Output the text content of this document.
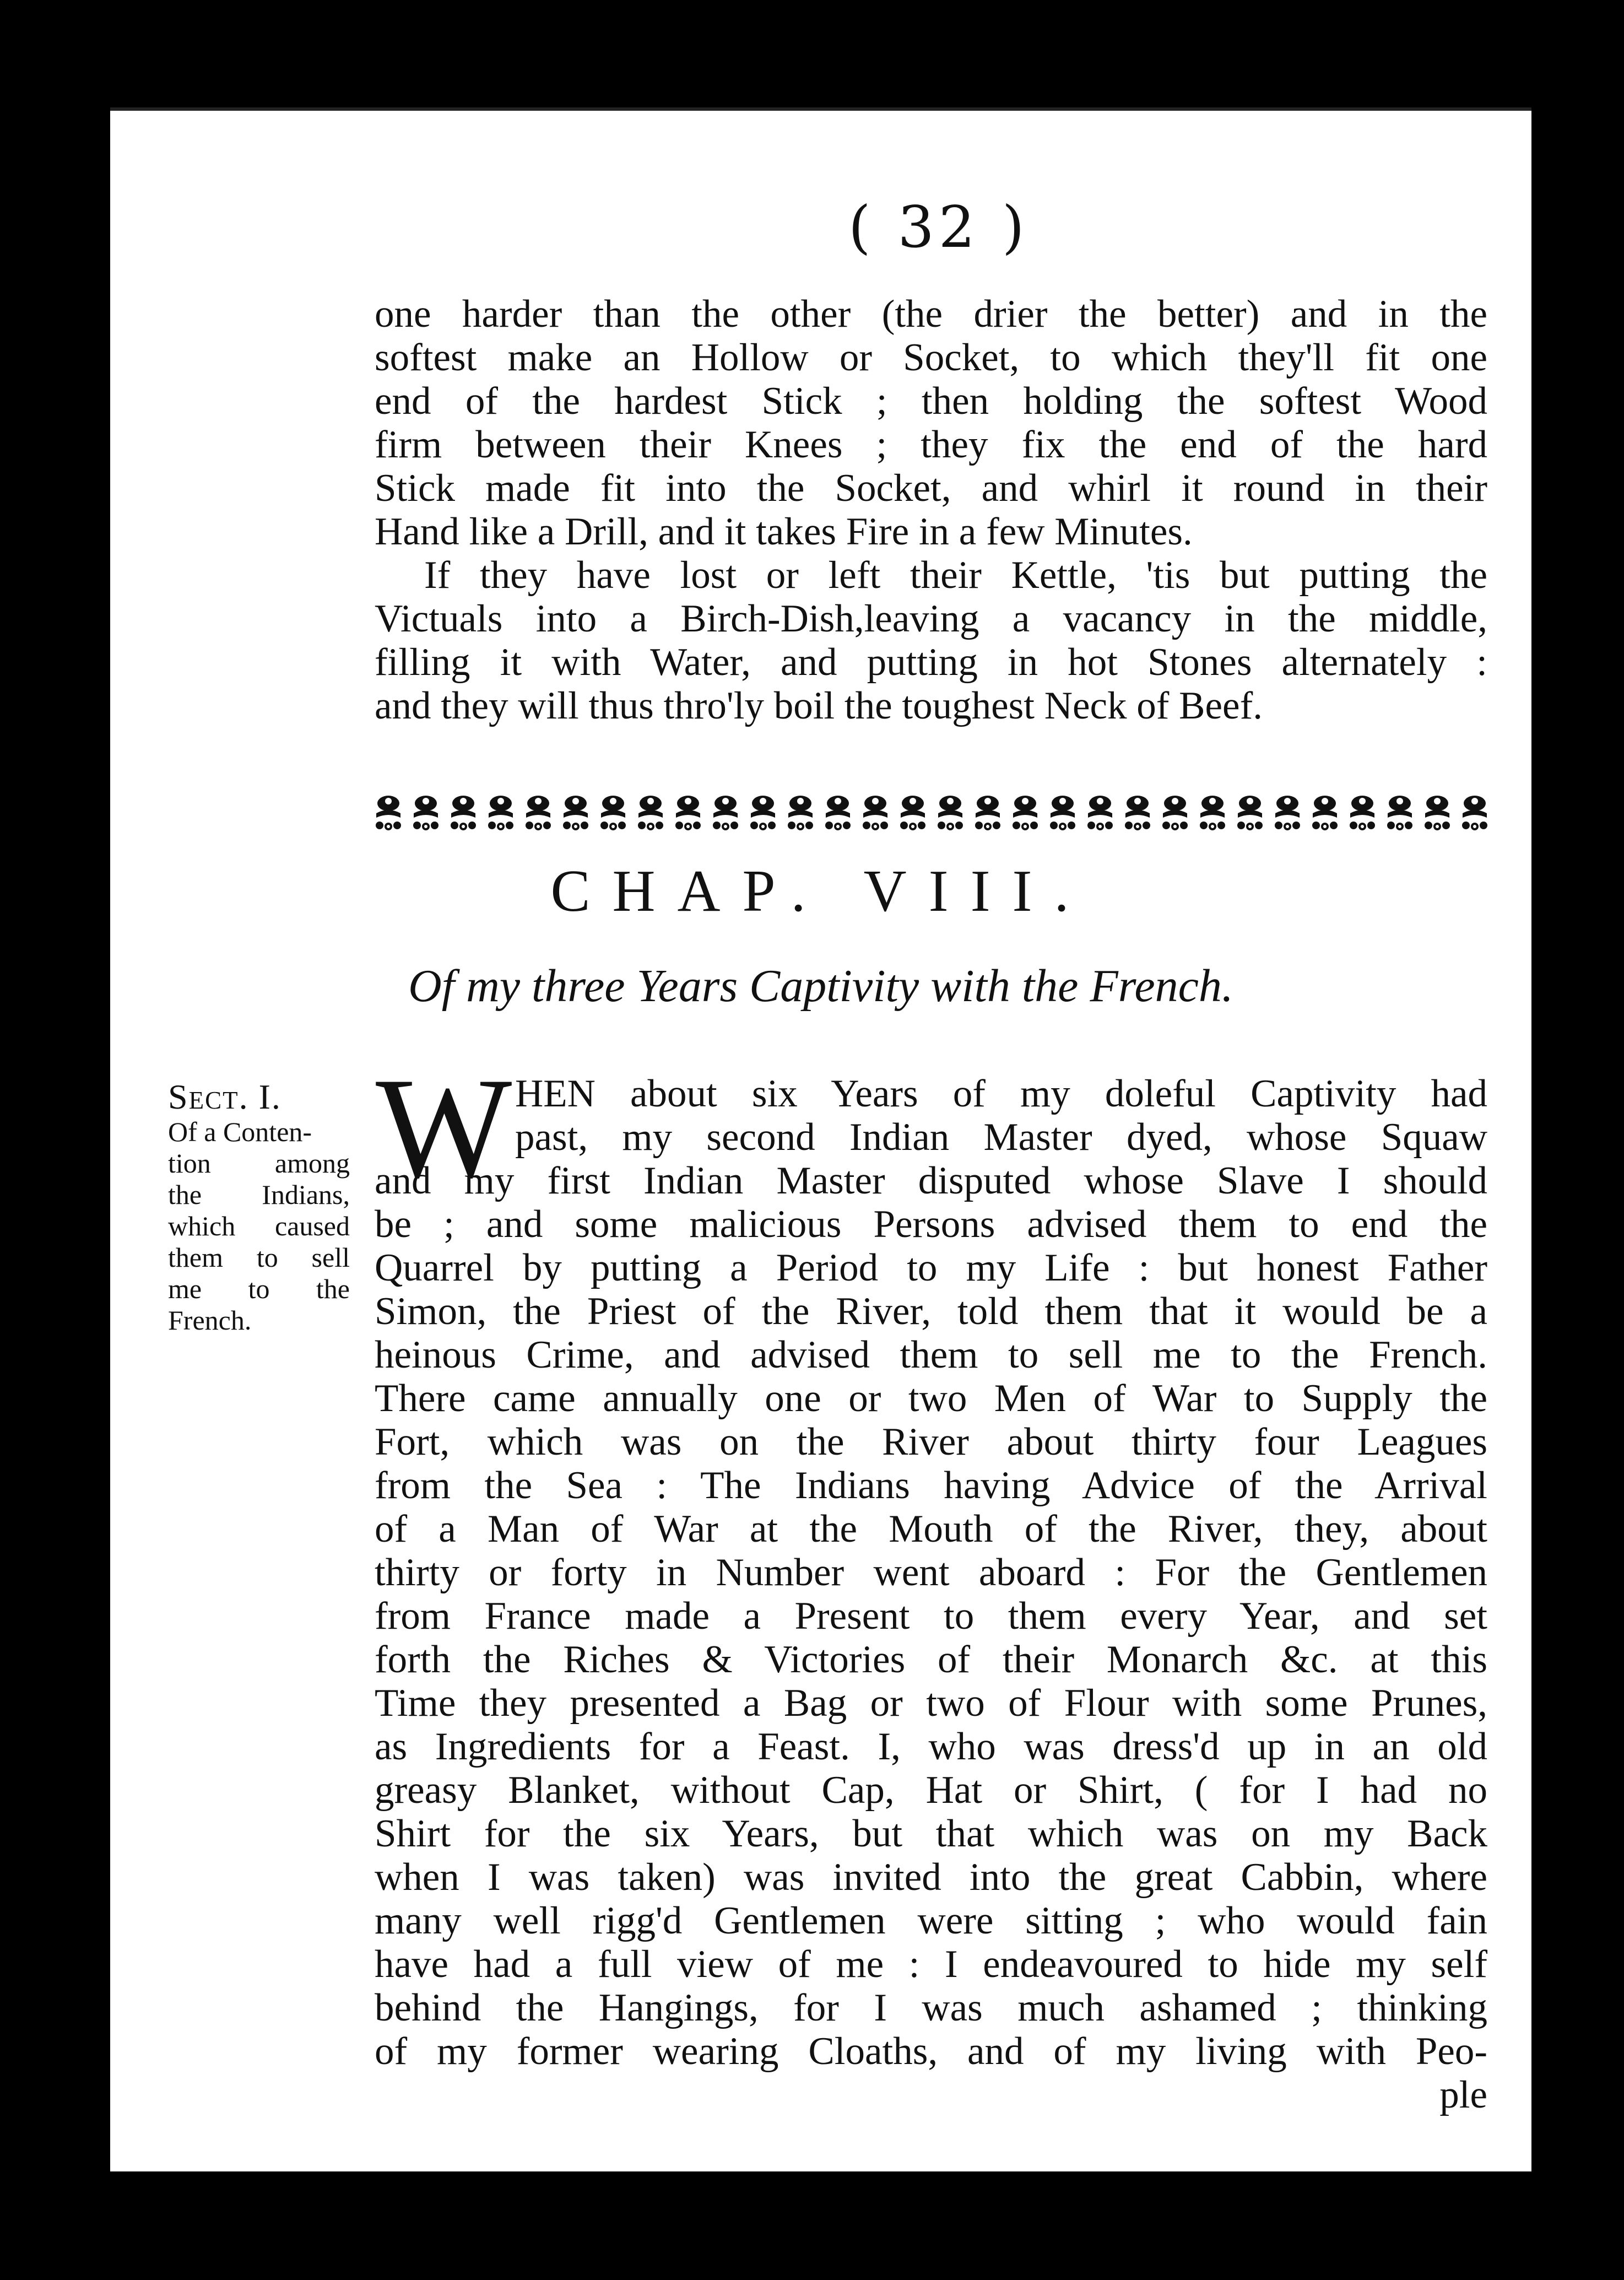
( 32 )
one harder than the other (the drier the better) and in the
softest make an Hollow or Socket, to which they'll fit one
end of the hardest Stick ; then holding the softest Wood
firm between their Knees ; they fix the end of the hard
Stick made fit into the Socket, and whirl it round in their
Hand like a Drill, and it takes Fire in a few Minutes.
If they have lost or left their Kettle, 'tis but putting the
Victuals into a Birch-Dish,leaving a vacancy in the middle,
filling it with Water, and putting in hot Stones alternately :
and they will thus thro'ly boil the toughest Neck of Beef.
CHAP. VIII.
Of my three Years Captivity with the French.
Sect. I.
Of a Conten-
tion among
the Indians,
which caused
them to sell
me to the
French.
W HEN about six Years of my doleful Captivity had
past, my second Indian Master dyed, whose Squaw
and my first Indian Master disputed whose Slave I should
be ; and some malicious Persons advised them to end the
Quarrel by putting a Period to my Life : but honest Father
Simon, the Priest of the River, told them that it would be a
heinous Crime, and advised them to sell me to the French.
There came annually one or two Men of War to Supply the
Fort, which was on the River about thirty four Leagues
from the Sea : The Indians having Advice of the Arrival
of a Man of War at the Mouth of the River, they, about
thirty or forty in Number went aboard : For the Gentlemen
from France made a Present to them every Year, and set
forth the Riches & Victories of their Monarch &c. at this
Time they presented a Bag or two of Flour with some Prunes,
as Ingredients for a Feast. I, who was dress'd up in an old
greasy Blanket, without Cap, Hat or Shirt, ( for I had no
Shirt for the six Years, but that which was on my Back
when I was taken) was invited into the great Cabbin, where
many well rigg'd Gentlemen were sitting ; who would fain
have had a full view of me : I endeavoured to hide my self
behind the Hangings, for I was much ashamed ; thinking
of my former wearing Cloaths, and of my living with Peo-
ple
